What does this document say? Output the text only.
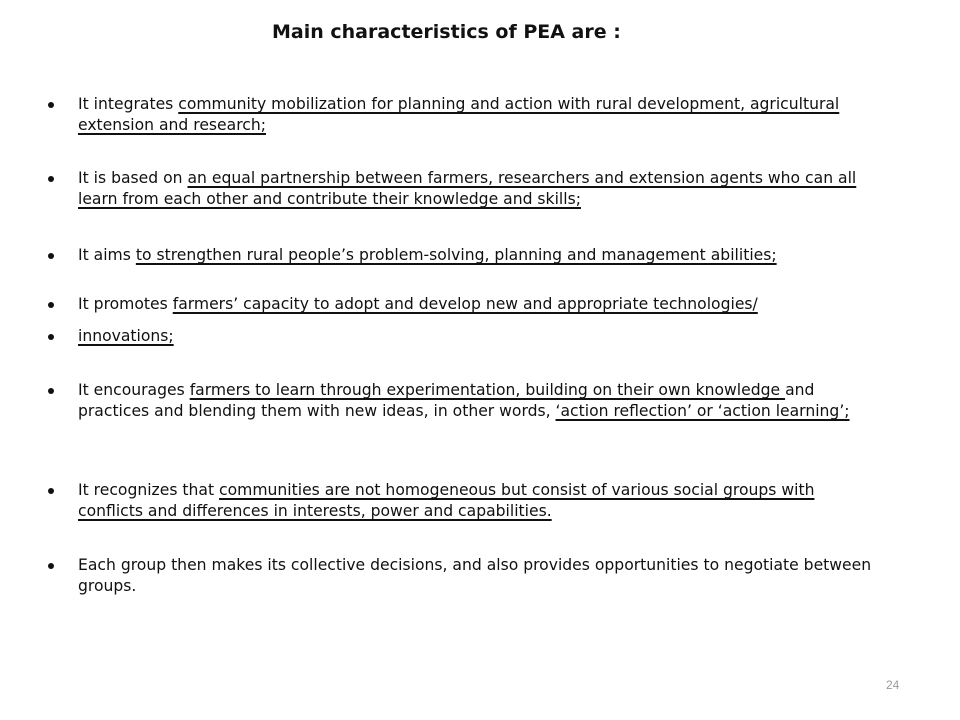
Main characteristics of PEA are :
It integrates community mobilization for planning and action with rural development, agricultural extension and research;
It is based on an equal partnership between farmers, researchers and extension agents who can all learn from each other and contribute their knowledge and skills;
It aims to strengthen rural people’s problem-solving, planning and management abilities;
It promotes farmers’ capacity to adopt and develop new and appropriate technologies/
innovations;
It encourages farmers to learn through experimentation, building on their own knowledge and practices and blending them with new ideas, in other words, ‘action reflection’ or ‘action learning’;
It recognizes that communities are not homogeneous but consist of various social groups with conflicts and differences in interests, power and capabilities.
Each group then makes its collective decisions, and also provides opportunities to negotiate between groups.
24
